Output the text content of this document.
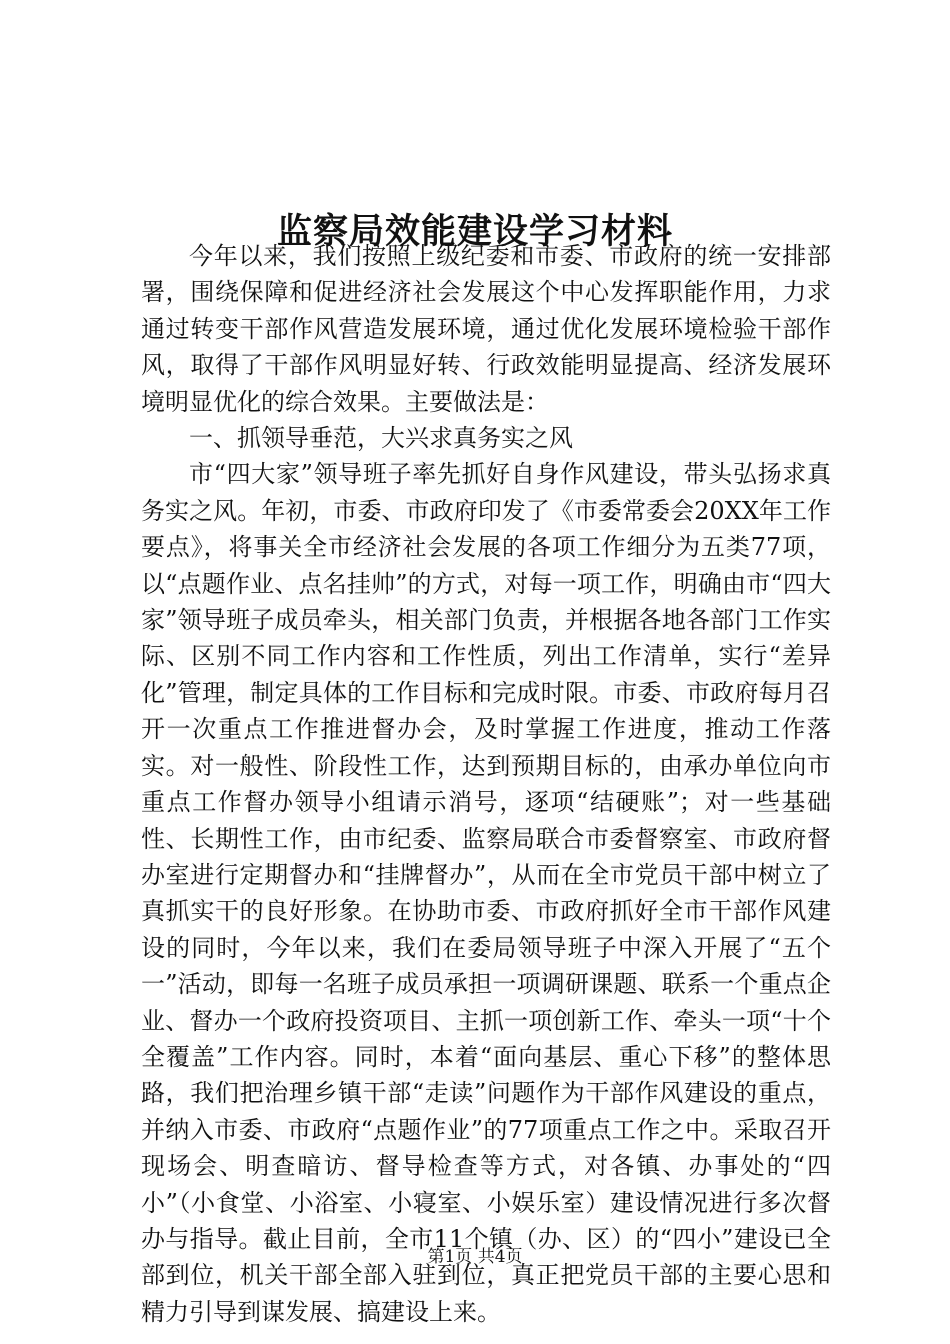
监察局效能建设学习材料

今年以来，我们按照上级纪委和市委、市政府的统一安排部署，围绕保障和促进经济社会发展这个中心发挥职能作用，力求通过转变干部作风营造发展环境，通过优化发展环境检验干部作风，取得了干部作风明显好转、行政效能明显提高、经济发展环境明显优化的综合效果。主要做法是：

一、抓领导垂范，大兴求真务实之风

市“四大家”领导班子率先抓好自身作风建设，带头弘扬求真务实之风。年初，市委、市政府印发了《市委常委会20XX年工作要点》，将事关全市经济社会发展的各项工作细分为五类77项，以“点题作业、点名挂帅”的方式，对每一项工作，明确由市“四大家”领导班子成员牵头，相关部门负责，并根据各地各部门工作实际、区别不同工作内容和工作性质，列出工作清单，实行“差异化”管理，制定具体的工作目标和完成时限。市委、市政府每月召开一次重点工作推进督办会，及时掌握工作进度，推动工作落实。对一般性、阶段性工作，达到预期目标的，由承办单位向市重点工作督办领导小组请示消号，逐项“结硬账”；对一些基础性、长期性工作，由市纪委、监察局联合市委督察室、市政府督办室进行定期督办和“挂牌督办”，从而在全市党员干部中树立了真抓实干的良好形象。在协助市委、市政府抓好全市干部作风建设的同时，今年以来，我们在委局领导班子中深入开展了“五个一”活动，即每一名班子成员承担一项调研课题、联系一个重点企业、督办一个政府投资项目、主抓一项创新工作、牵头一项“十个全覆盖”工作内容。同时，本着“面向基层、重心下移”的整体思路，我们把治理乡镇干部“走读”问题作为干部作风建设的重点，并纳入市委、市政府“点题作业”的77项重点工作之中。采取召开现场会、明查暗访、督导检查等方式，对各镇、办事处的“四小”（小食堂、小浴室、小寝室、小娱乐室）建设情况进行多次督办与指导。截止目前，全市11个镇（办、区）的“四小”建设已全部到位，机关干部全部入驻到位，真正把党员干部的主要心思和精力引导到谋发展、搞建设上来。

第1页 共4页
